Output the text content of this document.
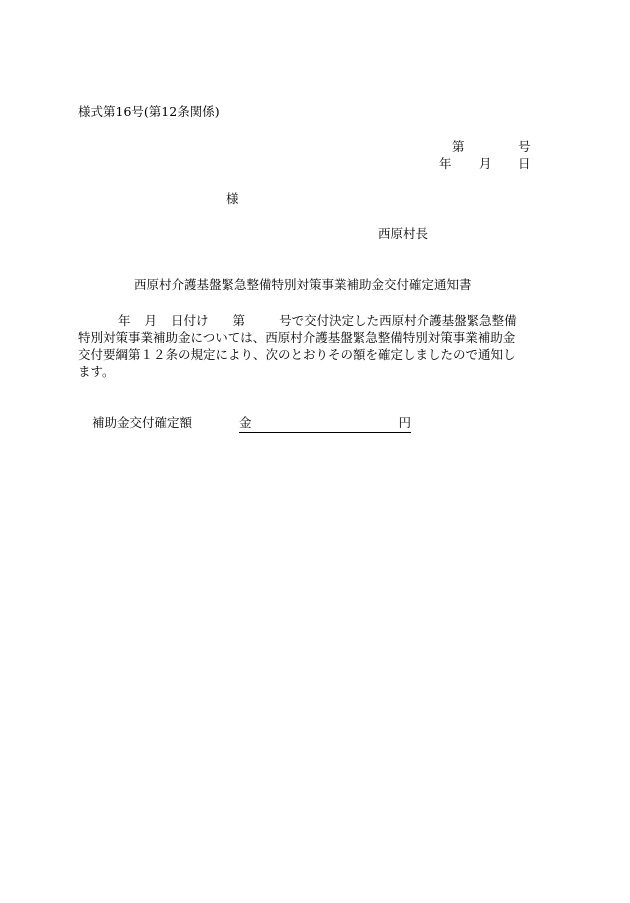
様式第16号(第12条関係)
第	号
年 月 日
様
西原村長
西原村介護基盤緊急整備特別対策事業補助金交付確定通知書
年 月 日付け 第	号で交付決定した西原村介護基盤緊急整備
特別対策事業補助金については、西原村介護基盤緊急整備特別対策事業補助金
交付要綱第１２条の規定により、次のとおりその額を確定しましたので通知し
ます。
補助金交付確定額	金	円
